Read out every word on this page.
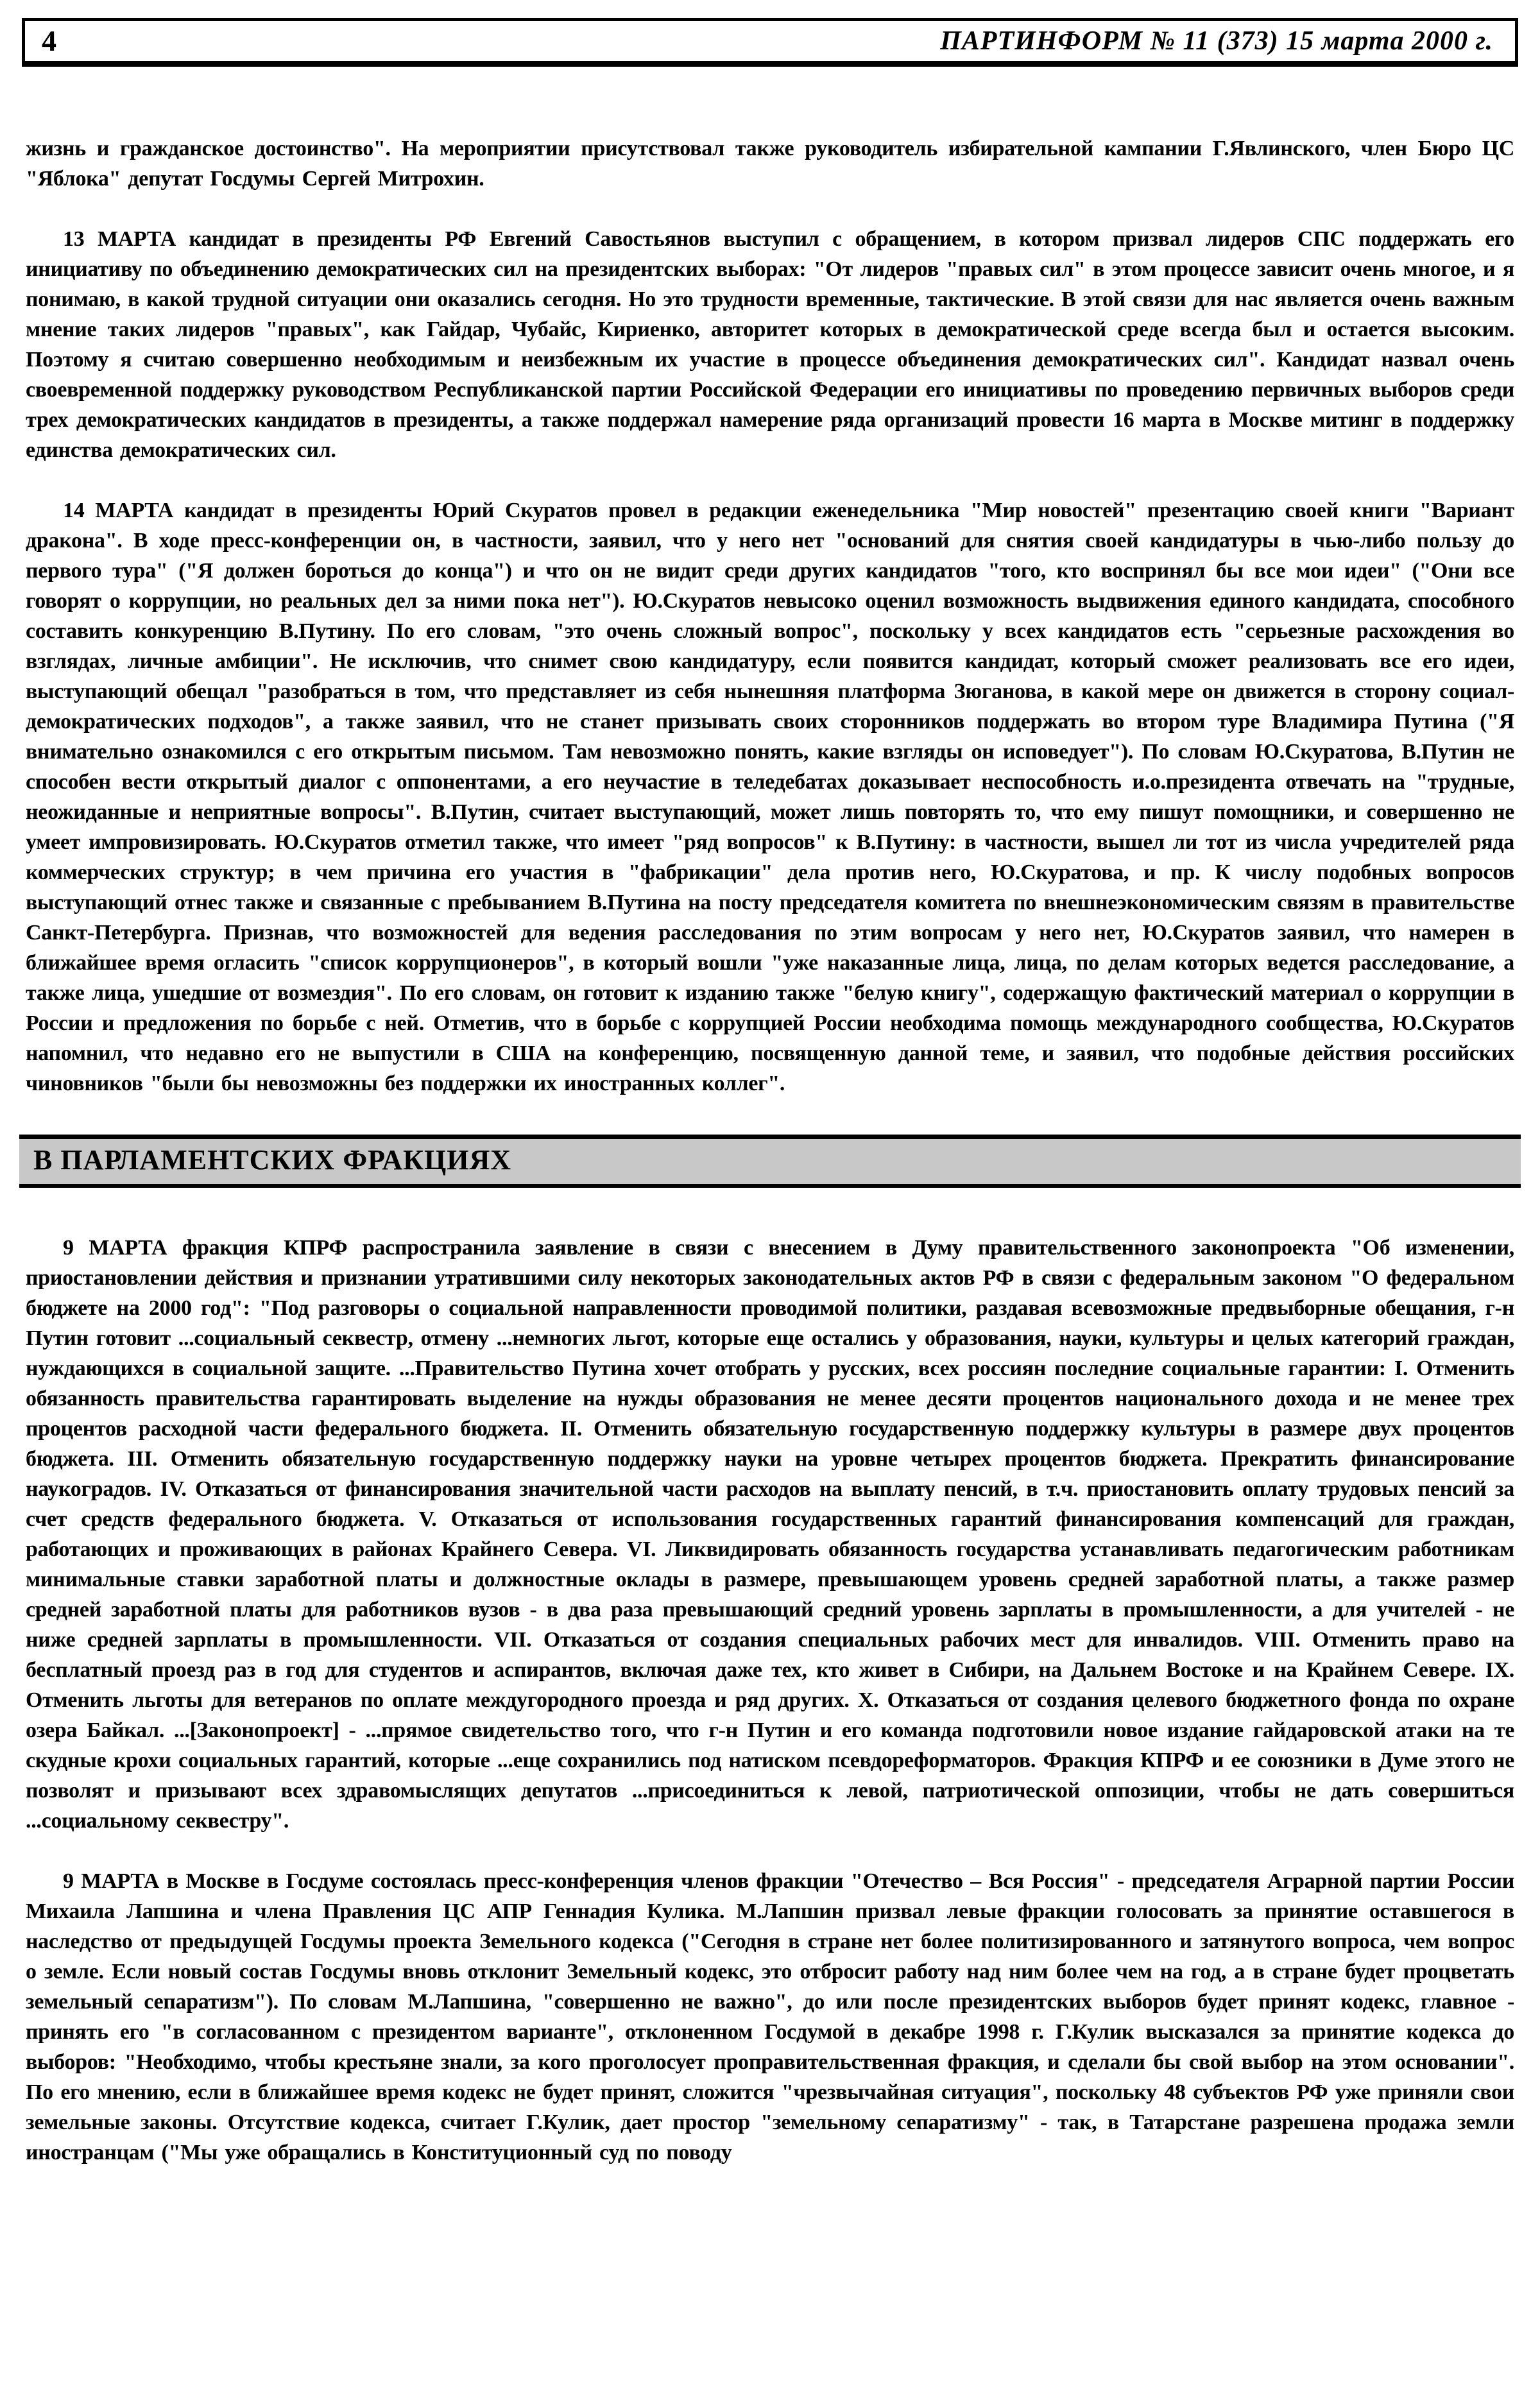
4	ПАРТИНФОРМ № 11 (373) 15 марта 2000 г.

жизнь и гражданское достоинство". На мероприятии присутствовал также руководитель избирательной кампании Г.Явлинского, член Бюро ЦС "Яблока" депутат Госдумы Сергей Митрохин.

13 МАРТА кандидат в президенты РФ Евгений Савостьянов выступил с обращением, в котором призвал лидеров СПС поддержать его инициативу по объединению демократических сил на президентских выборах: "От лидеров "правых сил" в этом процессе зависит очень многое, и я понимаю, в какой трудной ситуации они оказались сегодня. Но это трудности временные, тактические. В этой связи для нас является очень важным мнение таких лидеров "правых", как Гайдар, Чубайс, Кириенко, авторитет которых в демократической среде всегда был и остается высоким. Поэтому я считаю совершенно необходимым и неизбежным их участие в процессе объединения демократических сил". Кандидат назвал очень своевременной поддержку руководством Республиканской партии Российской Федерации его инициативы по проведению первичных выборов среди трех демократических кандидатов в президенты, а также поддержал намерение ряда организаций провести 16 марта в Москве митинг в поддержку единства демократических сил.

14 МАРТА кандидат в президенты Юрий Скуратов провел в редакции еженедельника "Мир новостей" презентацию своей книги "Вариант дракона". В ходе пресс-конференции он, в частности, заявил, что у него нет "оснований для снятия своей кандидатуры в чью-либо пользу до первого тура" ("Я должен бороться до конца") и что он не видит среди других кандидатов "того, кто воспринял бы все мои идеи" ("Они все говорят о коррупции, но реальных дел за ними пока нет"). Ю.Скуратов невысоко оценил возможность выдвижения единого кандидата, способного составить конкуренцию В.Путину. По его словам, "это очень сложный вопрос", поскольку у всех кандидатов есть "серьезные расхождения во взглядах, личные амбиции". Не исключив, что снимет свою кандидатуру, если появится кандидат, который сможет реализовать все его идеи, выступающий обещал "разобраться в том, что представляет из себя нынешняя платформа Зюганова, в какой мере он движется в сторону социал-демократических подходов", а также заявил, что не станет призывать своих сторонников поддержать во втором туре Владимира Путина ("Я внимательно ознакомился с его открытым письмом. Там невозможно понять, какие взгляды он исповедует"). По словам Ю.Скуратова, В.Путин не способен вести открытый диалог с оппонентами, а его неучастие в теледебатах доказывает неспособность и.о.президента отвечать на "трудные, неожиданные и неприятные вопросы". В.Путин, считает выступающий, может лишь повторять то, что ему пишут помощники, и совершенно не умеет импровизировать. Ю.Скуратов отметил также, что имеет "ряд вопросов" к В.Путину: в частности, вышел ли тот из числа учредителей ряда коммерческих структур; в чем причина его участия в "фабрикации" дела против него, Ю.Скуратова, и пр. К числу подобных вопросов выступающий отнес также и связанные с пребыванием В.Путина на посту председателя комитета по внешнеэкономическим связям в правительстве Санкт-Петербурга. Признав, что возможностей для ведения расследования по этим вопросам у него нет, Ю.Скуратов заявил, что намерен в ближайшее время огласить "список коррупционеров", в который вошли "уже наказанные лица, лица, по делам которых ведется расследование, а также лица, ушедшие от возмездия". По его словам, он готовит к изданию также "белую книгу", содержащую фактический материал о коррупции в России и предложения по борьбе с ней. Отметив, что в борьбе с коррупцией России необходима помощь международного сообщества, Ю.Скуратов напомнил, что недавно его не выпустили в США на конференцию, посвященную данной теме, и заявил, что подобные действия российских чиновников "были бы невозможны без поддержки их иностранных коллег".

В ПАРЛАМЕНТСКИХ ФРАКЦИЯХ

9 МАРТА фракция КПРФ распространила заявление в связи с внесением в Думу правительственного законопроекта "Об изменении, приостановлении действия и признании утратившими силу некоторых законодательных актов РФ в связи с федеральным законом "О федеральном бюджете на 2000 год": "Под разговоры о социальной направленности проводимой политики, раздавая всевозможные предвыборные обещания, г-н Путин готовит ...социальный секвестр, отмену ...немногих льгот, которые еще остались у образования, науки, культуры и целых категорий граждан, нуждающихся в социальной защите. ...Правительство Путина хочет отобрать у русских, всех россиян последние социальные гарантии: I. Отменить обязанность правительства гарантировать выделение на нужды образования не менее десяти процентов национального дохода и не менее трех процентов расходной части федерального бюджета. II. Отменить обязательную государственную поддержку культуры в размере двух процентов бюджета. III. Отменить обязательную государственную поддержку науки на уровне четырех процентов бюджета. Прекратить финансирование наукоградов. IV. Отказаться от финансирования значительной части расходов на выплату пенсий, в т.ч. приостановить оплату трудовых пенсий за счет средств федерального бюджета. V. Отказаться от использования государственных гарантий финансирования компенсаций для граждан, работающих и проживающих в районах Крайнего Севера. VI. Ликвидировать обязанность государства устанавливать педагогическим работникам минимальные ставки заработной платы и должностные оклады в размере, превышающем уровень средней заработной платы, а также размер средней заработной платы для работников вузов - в два раза превышающий средний уровень зарплаты в промышленности, а для учителей - не ниже средней зарплаты в промышленности. VII. Отказаться от создания специальных рабочих мест для инвалидов. VIII. Отменить право на бесплатный проезд раз в год для студентов и аспирантов, включая даже тех, кто живет в Сибири, на Дальнем Востоке и на Крайнем Севере. IX. Отменить льготы для ветеранов по оплате междугородного проезда и ряд других. X. Отказаться от создания целевого бюджетного фонда по охране озера Байкал. ...[Законопроект] - ...прямое свидетельство того, что г-н Путин и его команда подготовили новое издание гайдаровской атаки на те скудные крохи социальных гарантий, которые ...еще сохранились под натиском псевдореформаторов. Фракция КПРФ и ее союзники в Думе этого не позволят и призывают всех здравомыслящих депутатов ...присоединиться к левой, патриотической оппозиции, чтобы не дать совершиться ...социальному секвестру".

9 МАРТА в Москве в Госдуме состоялась пресс-конференция членов фракции "Отечество – Вся Россия" - председателя Аграрной партии России Михаила Лапшина и члена Правления ЦС АПР Геннадия Кулика. М.Лапшин призвал левые фракции голосовать за принятие оставшегося в наследство от предыдущей Госдумы проекта Земельного кодекса ("Сегодня в стране нет более политизированного и затянутого вопроса, чем вопрос о земле. Если новый состав Госдумы вновь отклонит Земельный кодекс, это отбросит работу над ним более чем на год, а в стране будет процветать земельный сепаратизм"). По словам М.Лапшина, "совершенно не важно", до или после президентских выборов будет принят кодекс, главное - принять его "в согласованном с президентом варианте", отклоненном Госдумой в декабре 1998 г. Г.Кулик высказался за принятие кодекса до выборов: "Необходимо, чтобы крестьяне знали, за кого проголосует проправительственная фракция, и сделали бы свой выбор на этом основании". По его мнению, если в ближайшее время кодекс не будет принят, сложится "чрезвычайная ситуация", поскольку 48 субъектов РФ уже приняли свои земельные законы. Отсутствие кодекса, считает Г.Кулик, дает простор "земельному сепаратизму" - так, в Татарстане разрешена продажа земли иностранцам ("Мы уже обращались в Конституционный суд по поводу
